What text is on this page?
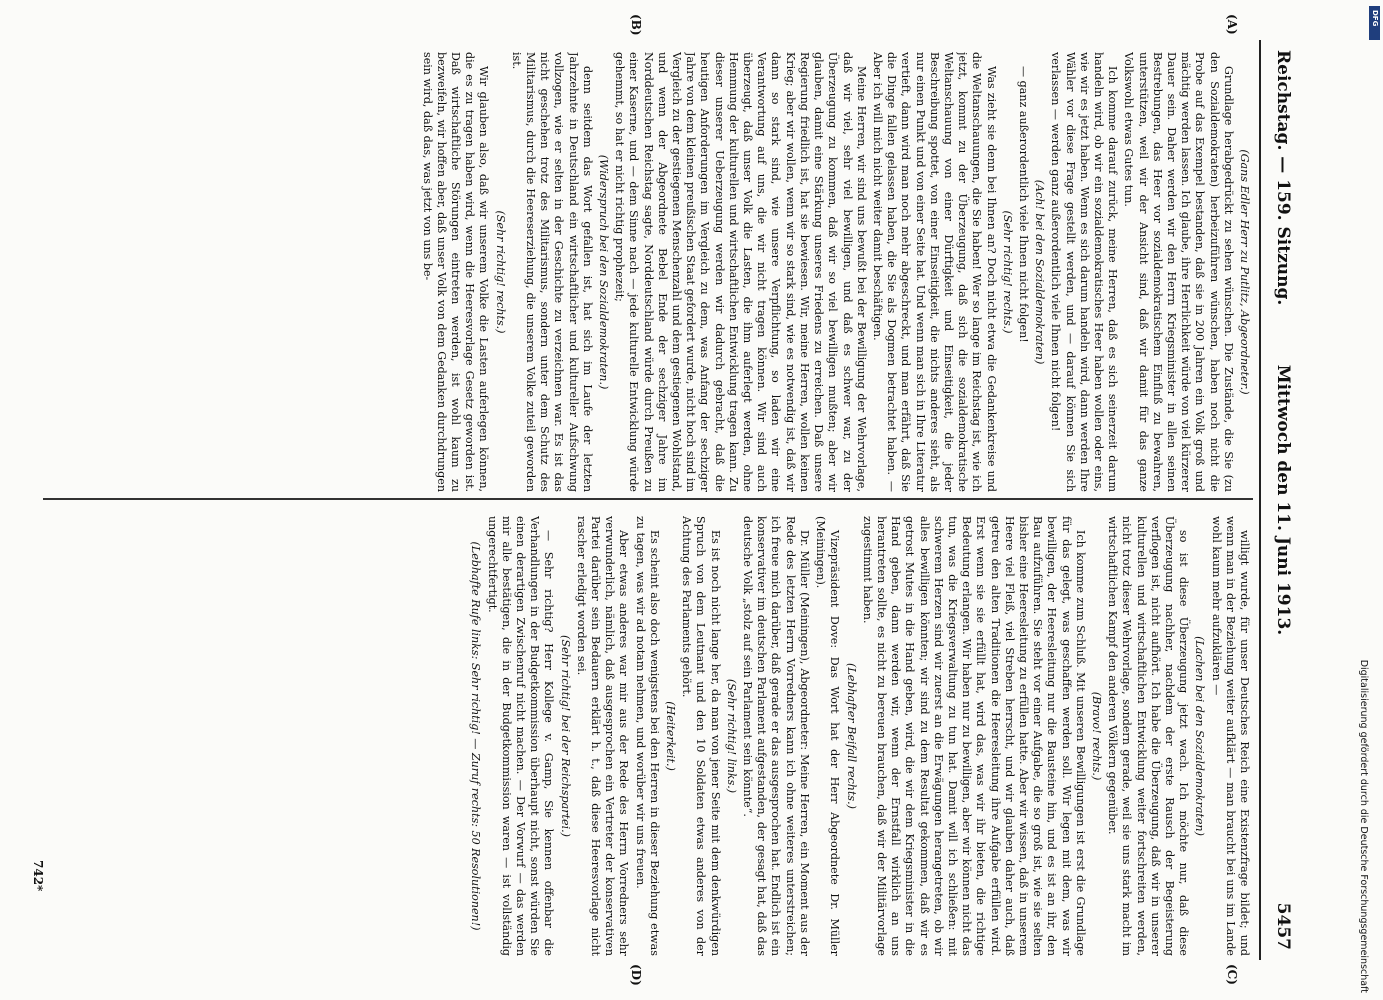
Reichstag. — 159. Sitzung.
Mittwoch den 11. Juni 1913.
5457
(A)
(B)
(C)
(D)

(Gans Edler Herr zu Putlitz, Abgeordneter.)

Grundlage herabgedrückt zu sehen wünschen. Die Zustände, die Sie (zu den Sozialdemokraten) herbeizuführen wünschen, haben noch nicht die Probe auf das Exempel bestanden, daß sie in 200 Jahren ein Volk groß und mächtig werden lassen. Ich glaube, ihre Herrlichkeit würde von viel kürzerer Dauer sein. Daher werden wir den Herrn Kriegsminister in allen seinen Bestrebungen, das Heer vor sozialdemokratischem Einfluß zu bewahren, unterstützen, weil wir der Ansicht sind, daß wir damit für das ganze Volkswohl etwas Gutes tun.

Ich komme darauf zurück, meine Herren, daß es sich seinerzeit darum handeln wird, ob wir ein sozialdemokratisches Heer haben wollen oder eins, wie wir es jetzt haben. Wenn es sich darum handeln wird, dann werden Ihre Wähler vor diese Frage gestellt werden, und — darauf können Sie sich verlassen — werden ganz außerordentlich viele Ihnen nicht folgen!

(Ach! bei den Sozialdemokraten)

— ganz außerordentlich viele Ihnen nicht folgen!

(Sehr richtig! rechts.)

Was zieht sie denn bei Ihnen an? Doch nicht etwa die Gedankenkreise und die Weltanschauungen, die Sie haben! Wer so lange im Reichstag ist, wie ich jetzt, kommt zu der Überzeugung, daß sich die sozialdemokratische Weltanschauung von einer Dürftigkeit und Einseitigkeit, die jeder Beschreibung spottet, von einer Einseitigkeit, die nichts anderes sieht, als nur einen Punkt und von einer Seite hat. Und wenn man sich in Ihre Literatur vertieft, dann wird man noch mehr abgeschreckt, und man erfährt, daß Sie die Dinge fallen gelassen haben, die Sie als Dogmen betrachtet haben. — Aber ich will mich nicht weiter damit beschäftigen.

Meine Herren, wir sind uns bewußt bei der Bewilligung der Wehrvorlage, daß wir viel, sehr viel bewilligen, und daß es schwer war, zu der Überzeugung zu kommen, daß wir so viel bewilligen mußten; aber wir glauben, damit eine Stärkung unseres Friedens zu erreichen. Daß unsere Regierung friedlich ist, hat sie bewiesen. Wir, meine Herren, wollen keinen Krieg; aber wir wollen, wenn wir so stark sind, wie es notwendig ist, daß wir dann so stark sind, wie unsere Verpflichtung, so laden wir eine Verantwortung auf uns, die wir nicht tragen können. Wir sind auch überzeugt, daß unser Volk die Lasten, die ihm auferlegt werden, ohne Hemmung der kulturellen und wirtschaftlichen Entwicklung tragen kann. Zu dieser unserer Ueberzeugung werden wir dadurch gebracht, daß die heutigen Anforderungen im Vergleich zu dem, was Anfang der sechziger Jahre von dem kleinen preußischen Staat gefordert wurde, nicht hoch sind im Vergleich zu der gestiegenen Menschenzahl und dem gestiegenen Wohlstand, und wenn der Abgeordnete Bebel Ende der sechziger Jahre im Norddeutschen Reichstag sagte, Norddeutschland würde durch Preußen zu einer Kaserne, und — dem Sinne nach — jede kulturelle Entwicklung würde gehemmt, so hat er nicht richtig prophezeit;

(Widerspruch bei den Sozialdemokraten.)

denn seitdem das Wort gefallen ist, hat sich im Laufe der letzten Jahrzehnte in Deutschland ein wirtschaftlicher und kultureller Aufschwung vollzogen, wie er selten in der Geschichte zu verzeichnen war. Es ist das nicht geschehen trotz des Militarismus, sondern unter dem Schutz des Militarismus, durch die Heereserziehung, die unserem Volke zuteil geworden ist.

(Sehr richtig! rechts.)

Wir glauben also, daß wir unserem Volke die Lasten auferlegen können, die es zu tragen haben wird, wenn die Heeresvorlage Gesetz geworden ist. Daß wirtschaftliche Störungen eintreten werden, ist wohl kaum zu bezweifeln, wir hoffen aber, daß unser Volk von dem Gedanken durchdrungen sein wird, daß das, was jetzt von uns be-

willigt wurde, für unser Deutsches Reich eine Existenzfrage bildet; und wenn man in der Beziehung weiter aufklärt — man braucht bei uns im Lande wohl kaum mehr aufzuklären —

(Lachen bei den Sozialdemokraten)

so ist diese Überzeugung jetzt wach. Ich möchte nur, daß diese Überzeugung nachher, nachdem der erste Rausch der Begeisterung verflogen ist, nicht aufhört. Ich habe die Überzeugung, daß wir in unserer kulturellen und wirtschaftlichen Entwicklung weiter fortschreiten werden, nicht trotz dieser Wehrvorlage, sondern gerade, weil sie uns stark macht im wirtschaftlichen Kampf den anderen Völkern gegenüber.

(Bravo! rechts.)

Ich komme zum Schluß. Mit unseren Bewilligungen ist erst die Grundlage für das gelegt, was geschaffen werden soll. Wir legen mit dem, was wir bewilligen, der Heeresleitung nur die Bausteine hin, und es ist an ihr, den Bau aufzuführen. Sie steht vor einer Aufgabe, die so groß ist, wie sie selten bisher eine Heeresleitung zu erfüllen hatte. Aber wir wissen, daß in unserem Heere viel Fleiß, viel Streben herrscht, und wir glauben daher auch, daß getreu den alten Traditionen die Heeresleitung ihre Aufgabe erfüllen wird. Erst wenn sie sie erfüllt hat, wird das, was wir ihr bieten, die richtige Bedeutung erlangen. Wir haben nur zu bewilligen, aber wir können nicht das tun, was die Kriegsverwaltung zu tun hat. Damit will ich schließen: mit schwerem Herzen sind wir zuerst an die Erwägungen herangetreten, ob wir alles bewilligen könnten; wir sind zu dem Resultat gekommen, daß wir es getrost Mutes in die Hand geben, wird, die wir dem Kriegsminister in die Hand geben, dann werden wir, wenn der Ernstfall wirklich an uns herantreten sollte, es nicht zu bereuen brauchen, daß wir der Militärvorlage zugestimmt haben.

(Lebhafter Beifall rechts.)

Vizepräsident Dove: Das Wort hat der Herr Abgeordnete Dr. Müller (Meiningen).

Dr. Müller (Meiningen), Abgeordneter: Meine Herren, ein Moment aus der Rede des letzten Herrn Vorredners kann ich ohne weiteres unterstreichen; ich freue mich darüber, daß gerade er das ausgesprochen hat. Endlich ist ein konservativer im deutschen Parlament aufgestanden, der gesagt hat, daß das deutsche Volk „stolz auf sein Parlament sein könnte“.

(Sehr richtig! links.)

Es ist noch nicht lange her, da man von jener Seite mit dem denkwürdigen Spruch von dem Leutnant und den 10 Soldaten etwas anderes von der Achtung des Parlaments gehört.

(Heiterkeit.)

Es scheint also doch wenigstens bei den Herren in dieser Beziehung etwas zu tagen, was wir ad notam nehmen, und worüber wir uns freuen.

Aber etwas anderes war mir aus der Rede des Herrn Vorredners sehr verwunderlich, nämlich, daß ausgesprochen ein Vertreter der konservativen Partei darüber sein Bedauern erklärt h. t., daß diese Heeresvorlage nicht rascher erledigt worden sei.

(Sehr richtig! bei der Reichspartei.)

— Sehr richtig? Herr Kollege v. Gamp, Sie kennen offenbar die Verhandlungen in der Budgetkommission überhaupt nicht, sonst würden Sie einen derartigen Zwischenruf nicht machen. — Der Vorwurf — das werden mir alle bestätigen, die in der Budgetkommission waren — ist vollständig ungerechtfertigt.

(Lebhafte Rufe links: Sehr richtig! — Zuruf rechts: 50 Resolutionen!)

742*	Digitalisierung gefördert durch die Deutsche Forschungsgemeinschaft
DFG
